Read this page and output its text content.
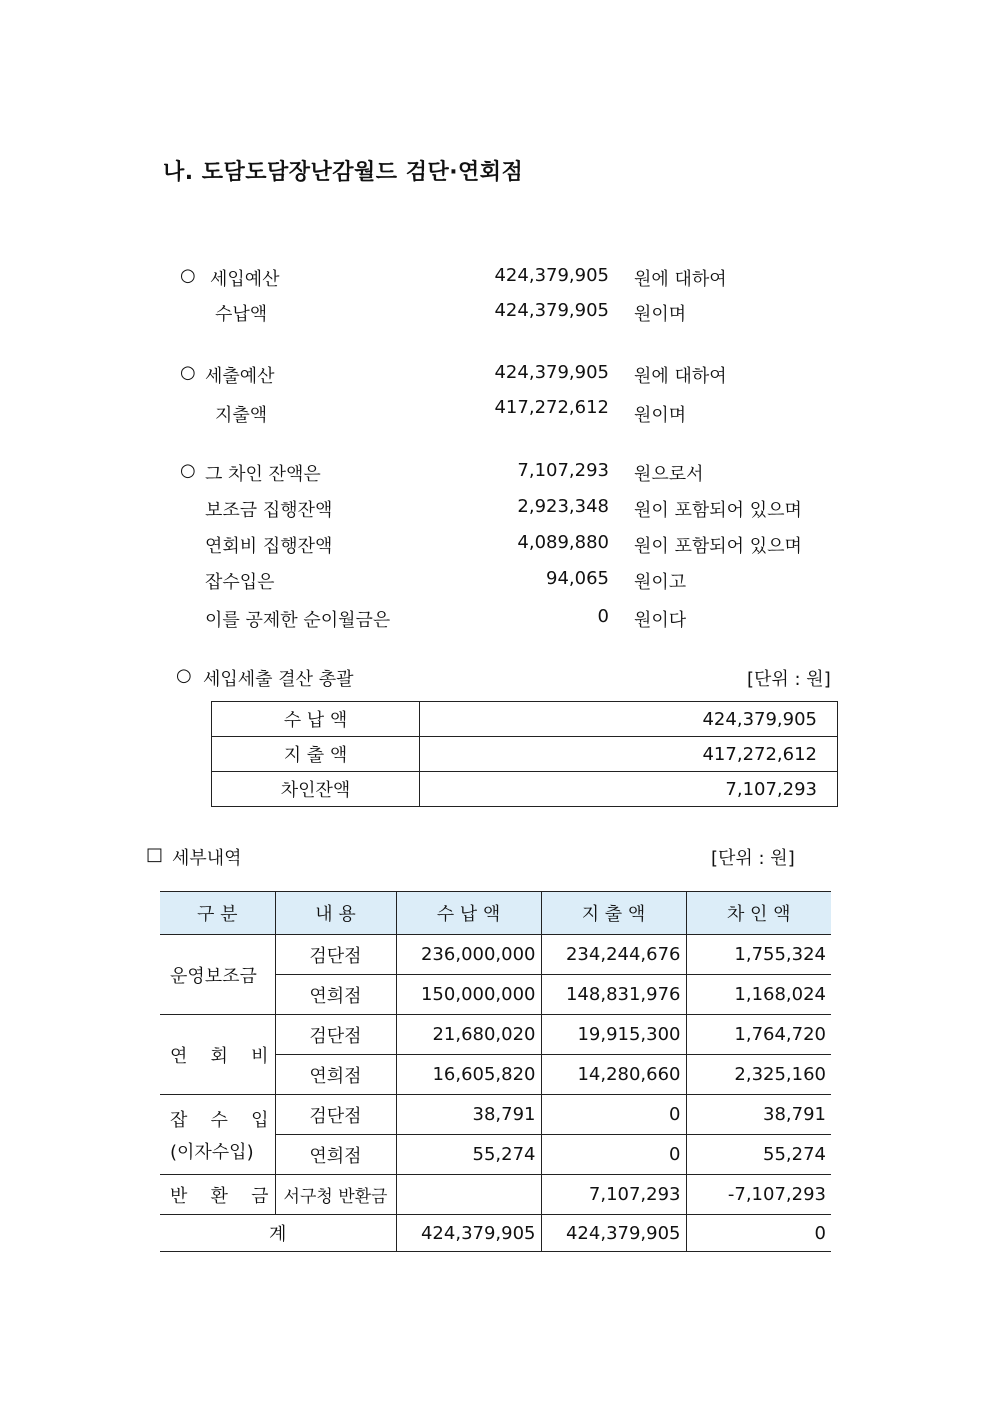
나. 도담도담장난감월드 검단·연회점
○ 세입예산	424,379,905 원에 대하여
수납액	424,379,905 원이며
○ 세출예산	424,379,905 원에 대하여
지출액	417,272,612 원이며
○ 그 차인 잔액은	7,107,293 원으로서
보조금 집행잔액	2,923,348 원이 포함되어 있으며
연회비 집행잔액	4,089,880 원이 포함되어 있으며
잡수입은	94,065 원이고
이를 공제한 순이월금은	0 원이다
○ 세입세출 결산 총괄	[단위 : 원]
수 납 액	424,379,905
지 출 액	417,272,612
차인잔액	7,107,293
□ 세부내역	[단위 : 원]
구 분	내 용	수 납 액	지 출 액	차 인 액
운영보조금	검단점	236,000,000	234,244,676	1,755,324
	연희점	150,000,000	148,831,976	1,168,024
연 회 비	검단점	21,680,020	19,915,300	1,764,720
	연희점	16,605,820	14,280,660	2,325,160

잡 수 입
(이자수입)	검단점	38,791	0	38,791
	연희점	55,274	0	55,274
반 환 금	서구청 반환금		7,107,293	-7,107,293
계		424,379,905	424,379,905	0
